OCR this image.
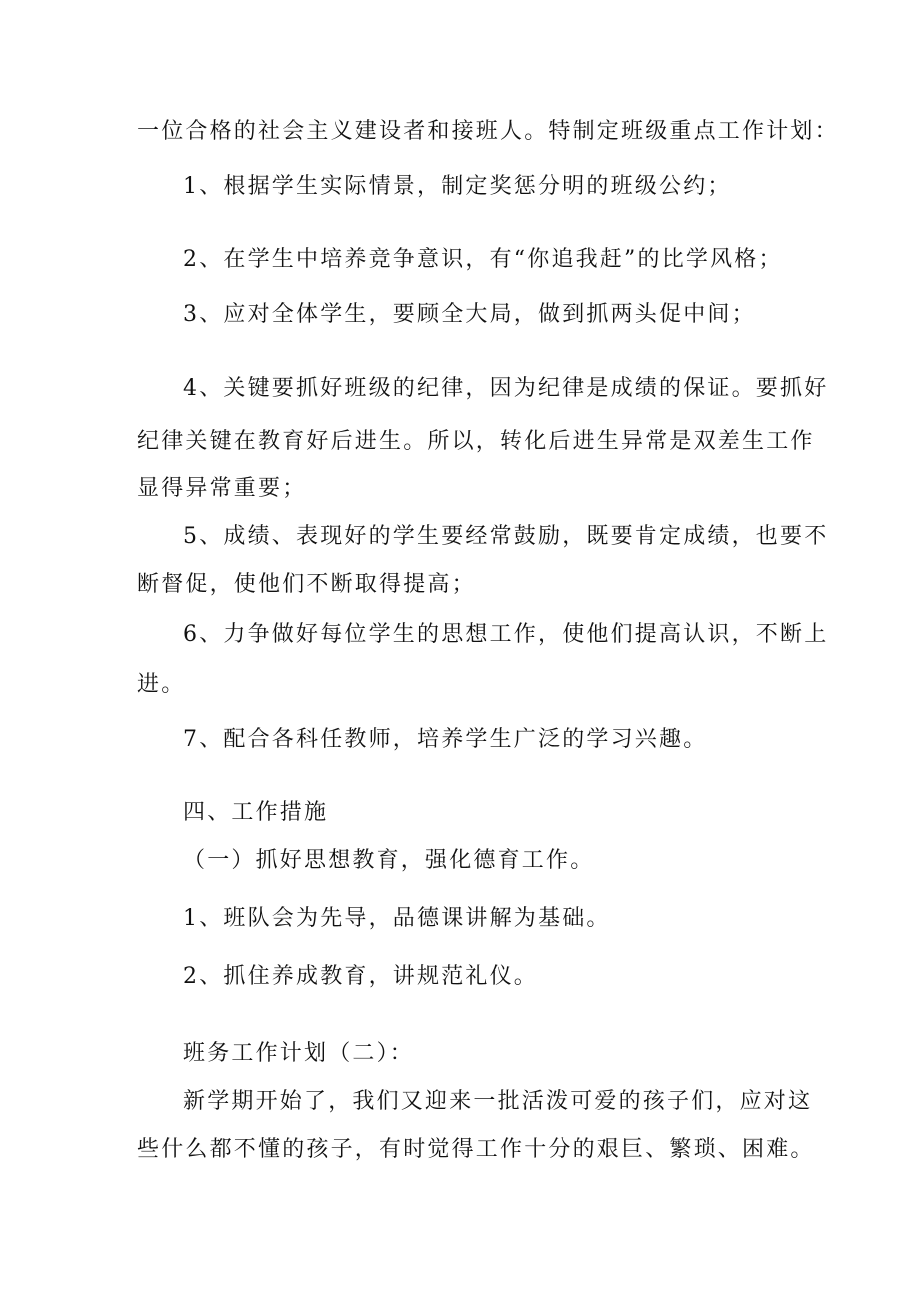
一位合格的社会主义建设者和接班人。特制定班级重点工作计划：

1、根据学生实际情景，制定奖惩分明的班级公约；

2、在学生中培养竞争意识，有“你追我赶”的比学风格；

3、应对全体学生，要顾全大局，做到抓两头促中间；

4、关键要抓好班级的纪律，因为纪律是成绩的保证。要抓好

纪律关键在教育好后进生。所以，转化后进生异常是双差生工作

显得异常重要；

5、成绩、表现好的学生要经常鼓励，既要肯定成绩，也要不

断督促，使他们不断取得提高；

6、力争做好每位学生的思想工作，使他们提高认识，不断上

进。

7、配合各科任教师，培养学生广泛的学习兴趣。

四、工作措施

（一）抓好思想教育，强化德育工作。

1、班队会为先导，品德课讲解为基础。

2、抓住养成教育，讲规范礼仪。

班务工作计划（二）：

新学期开始了，我们又迎来一批活泼可爱的孩子们，应对这

些什么都不懂的孩子，有时觉得工作十分的艰巨、繁琐、困难。
